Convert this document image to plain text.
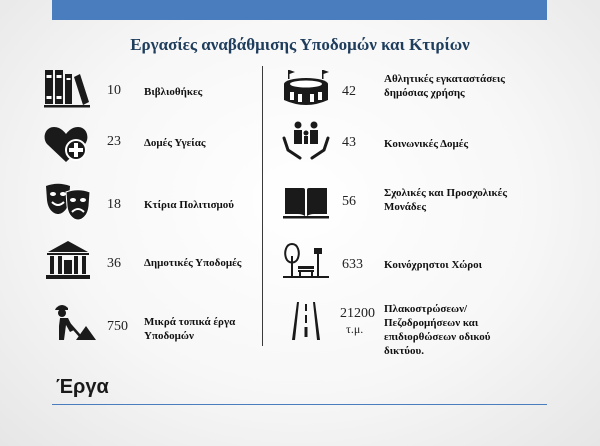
Εργασίες αναβάθμισης Υποδομών και Κτιρίων
10 Βιβλιοθήκες
23 Δομές Υγείας
18 Κτίρια Πολιτισμού
36 Δημοτικές Υποδομές
750 Μικρά τοπικά έργα Υποδομών
42
Αθλητικές εγκαταστάσεις δημόσιας χρήσης
43	Κοινωνικές Δομές
56
Σχολικές και Προσχολικές Μονάδες
633 Κοινόχρηστοι Χώροι
21200
τ.μ.
Πλακοστρώσεων/ Πεζοδρομήσεων και επιδιορθώσεων οδικού δικτύου.
Έργα
